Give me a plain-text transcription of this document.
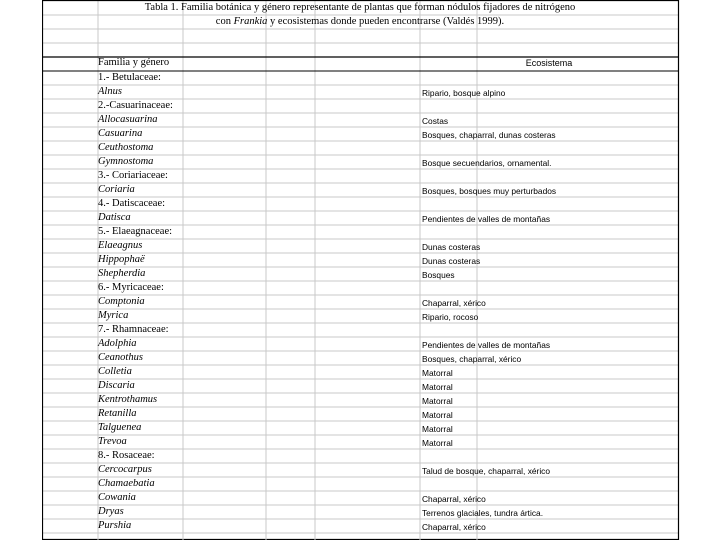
Tabla 1. Familia botánica y género representante de plantas que forman nódulos fijadores de nitrógeno
con Frankia y ecosistemas donde pueden encontrarse (Valdés 1999).
Familia y género	Ecosistema
1.- Betulaceae:
Alnus	Ripario, bosque alpino
2.-Casuarinaceae:
Allocasuarina	Costas
Casuarina	Bosques, chaparral, dunas costeras
Ceuthostoma
Gymnostoma	Bosque secuendarios, ornamental.
3.- Coriariaceae:
Coriaria	Bosques, bosques muy perturbados
4.- Datiscaceae:
Datisca	Pendientes de valles de montañas
5.- Elaeagnaceae:
Elaeagnus	Dunas costeras
Hippophaë	Dunas costeras
Shepherdia	Bosques
6.- Myricaceae:
Comptonia	Chaparral, xérico
Myrica	Ripario, rocoso
7.- Rhamnaceae:
Adolphia	Pendientes de valles de montañas
Ceanothus	Bosques, chaparral, xérico
Colletia	Matorral
Discaria	Matorral
Kentrothamus	Matorral
Retanilla	Matorral
Talguenea	Matorral
Trevoa	Matorral
8.- Rosaceae:
Cercocarpus	Talud de bosque, chaparral, xérico
Chamaebatia
Cowania	Chaparral, xérico
Dryas	Terrenos glaciales, tundra ártica.
Purshia	Chaparral, xérico
